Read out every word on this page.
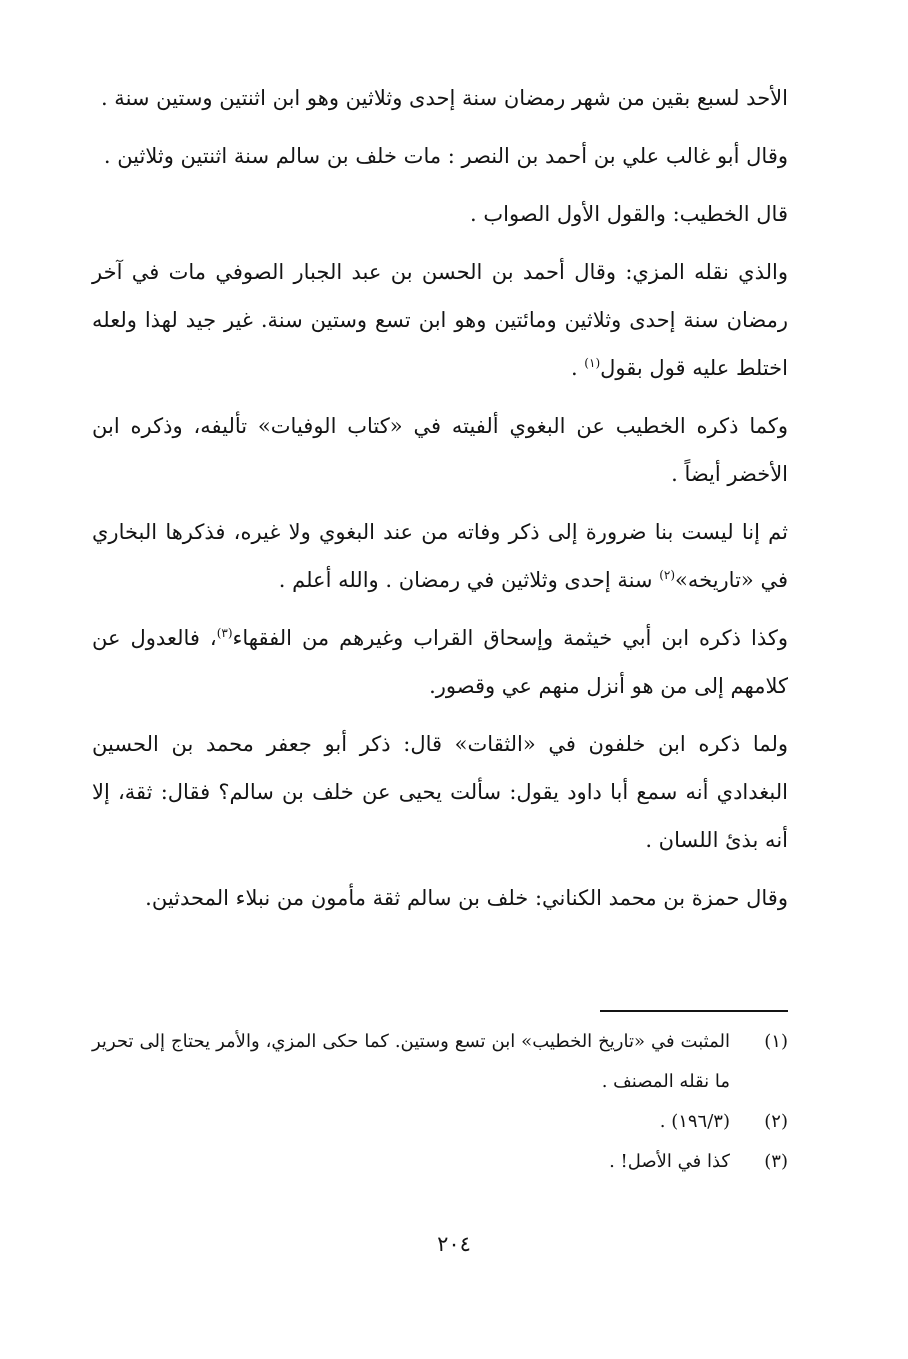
الأحد لسبع بقين من شهر رمضان سنة إحدى وثلاثين وهو ابن اثنتين وستين سنة .

وقال أبو غالب علي بن أحمد بن النصر : مات خلف بن سالم سنة اثنتين وثلاثين .

قال الخطيب: والقول الأول الصواب .

والذي نقله المزي: وقال أحمد بن الحسن بن عبد الجبار الصوفي مات في آخر رمضان سنة إحدى وثلاثين ومائتين وهو ابن تسع وستين سنة. غير جيد لهذا ولعله اختلط عليه قول بقول$^{(١)}$ .

وكما ذكره الخطيب عن البغوي ألفيته في «كتاب الوفيات» تأليفه، وذكره ابن الأخضر أيضاً .

ثم إنا ليست بنا ضرورة إلى ذكر وفاته من عند البغوي ولا غيره، فذكرها البخاري في «تاريخه»$^{(٢)}$ سنة إحدى وثلاثين في رمضان . والله أعلم .

وكذا ذكره ابن أبي خيثمة وإسحاق القراب وغيرهم من الفقهاء$^{(٣)}$، فالعدول عن كلامهم إلى من هو أنزل منهم عي وقصور.

ولما ذكره ابن خلفون في «الثقات» قال: ذكر أبو جعفر محمد بن الحسين البغدادي أنه سمع أبا داود يقول: سألت يحيى عن خلف بن سالم؟ فقال: ثقة، إلا أنه بذئ اللسان .

وقال حمزة بن محمد الكناني: خلف بن سالم ثقة مأمون من نبلاء المحدثين.

(١)المثبت في «تاريخ الخطيب» ابن تسع وستين. كما حكى المزي، والأمر يحتاج إلى تحرير ما نقله المصنف .

(٢)(١٩٦/٣) .

(٣)كذا في الأصل! .

٢٠٤
